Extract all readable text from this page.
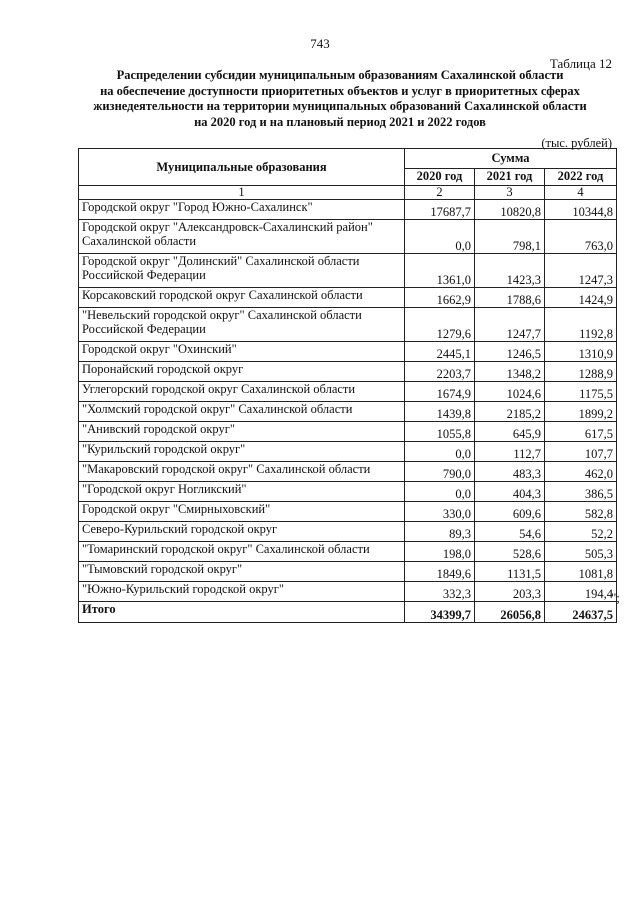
743
Таблица 12
Распределении субсидии муниципальным образованиям Сахалинской области
на обеспечение доступности приоритетных объектов и услуг в приоритетных сферах
жизнедеятельности на территории муниципальных образований Сахалинской области
на 2020 год и на плановый период 2021 и 2022 годов
(тыс. рублей)
Муниципальные образования	Сумма		
	2020 год	2021 год	2022 год
1	2	3	4
Городской округ "Город Южно-Сахалинск"	17687,7	10820,8	10344,8
Городской округ "Александровск-Сахалинский район" Сахалинской области	0,0	798,1	763,0
Городской округ "Долинский" Сахалинской области Российской Федерации	1361,0	1423,3	1247,3
Корсаковский городской округ Сахалинской области	1662,9	1788,6	1424,9
"Невельский городской округ" Сахалинской области Российской Федерации	1279,6	1247,7	1192,8
Городской округ "Охинский"	2445,1	1246,5	1310,9
Поронайский городской округ	2203,7	1348,2	1288,9
Углегорский городской округ Сахалинской области	1674,9	1024,6	1175,5
"Холмский городской округ" Сахалинской области	1439,8	2185,2	1899,2
"Анивский городской округ"	1055,8	645,9	617,5
"Курильский городской округ"	0,0	112,7	107,7
"Макаровский городской округ" Сахалинской области	790,0	483,3	462,0
"Городской округ Ногликский"	0,0	404,3	386,5
Городской округ "Смирныховский"	330,0	609,6	582,8
Северо-Курильский городской округ	89,3	54,6	52,2
"Томаринский городской округ" Сахалинской области	198,0	528,6	505,3
"Тымовский городской округ"	1849,6	1131,5	1081,8
"Южно-Курильский городской округ"	332,3	203,3	194,4
Итого	34399,7	26056,8	24637,5
";
